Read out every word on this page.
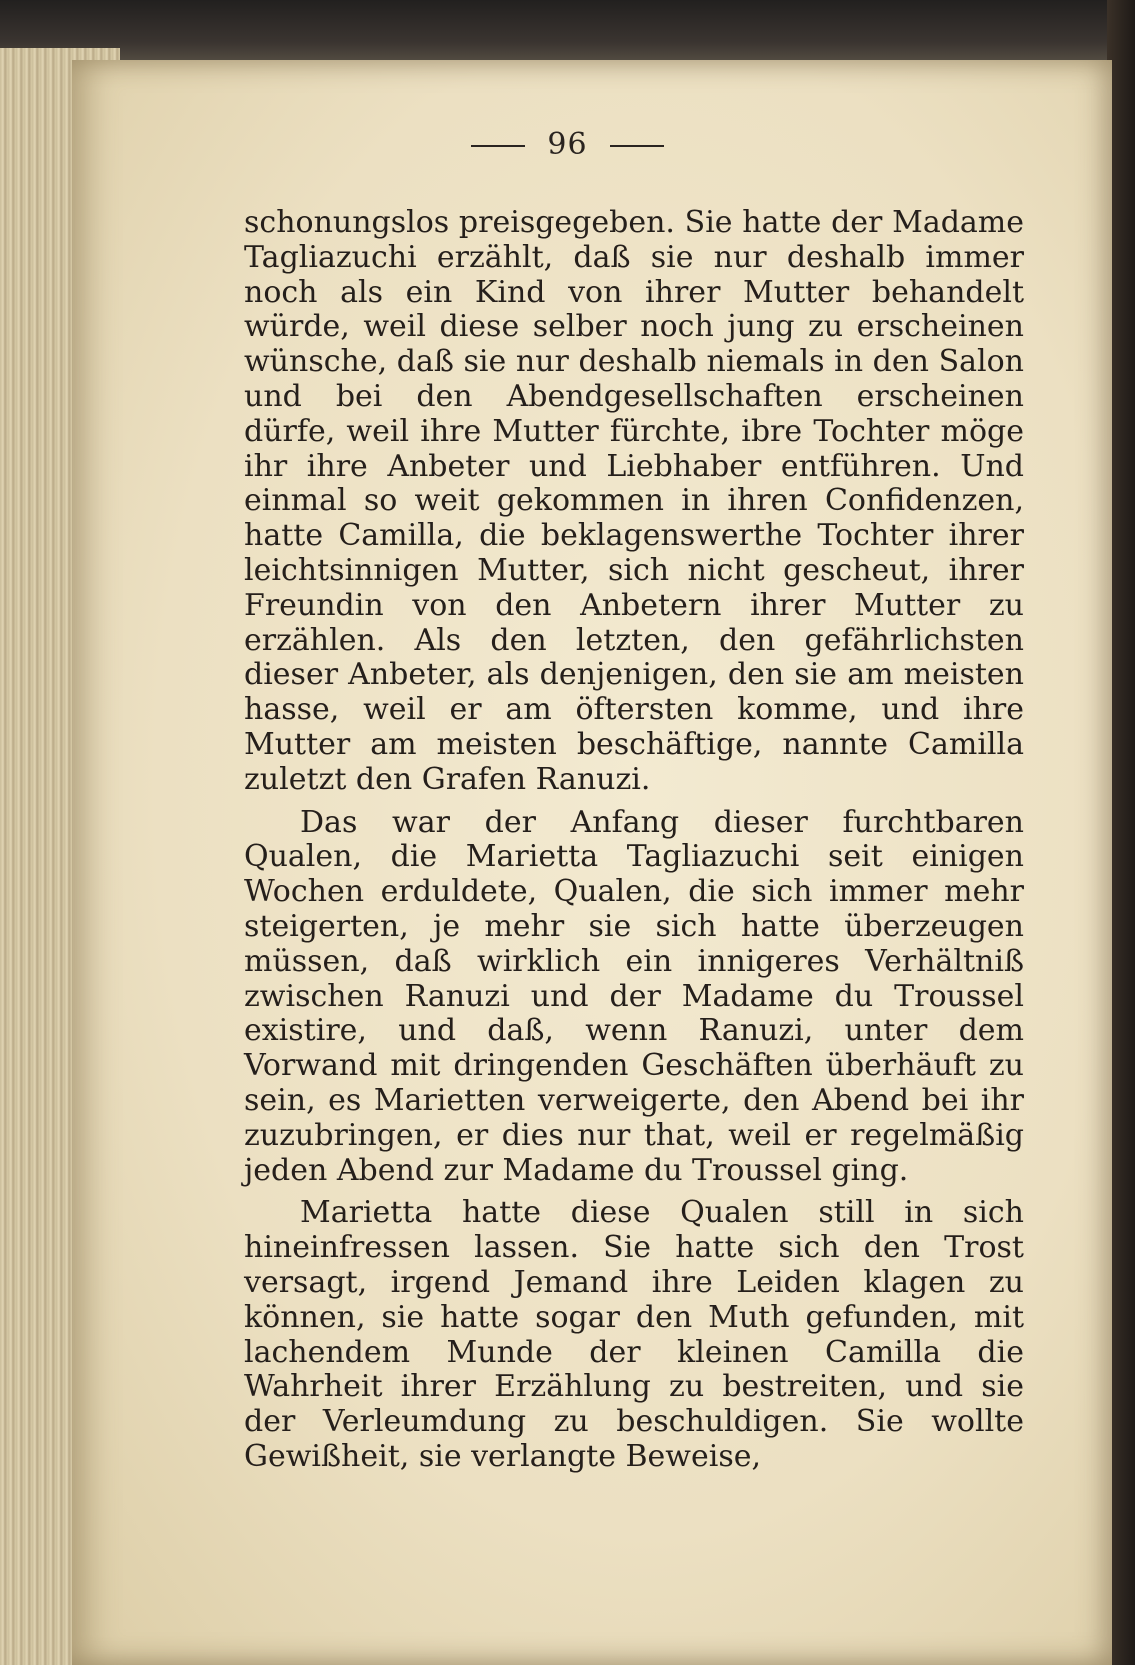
96

schonungslos preisgegeben. Sie hatte der Madame Tagliazuchi erzählt, daß sie nur deshalb immer noch als ein Kind von ihrer Mutter behandelt würde, weil diese selber noch jung zu erscheinen wünsche, daß sie nur deshalb niemals in den Salon und bei den Abendgesellschaften erscheinen dürfe, weil ihre Mutter fürchte, ibre Tochter möge ihr ihre Anbeter und Liebhaber entführen. Und einmal so weit gekommen in ihren Confidenzen, hatte Camilla, die beklagenswerthe Tochter ihrer leichtsinnigen Mutter, sich nicht gescheut, ihrer Freundin von den Anbetern ihrer Mutter zu erzählen. Als den letzten, den gefährlichsten dieser Anbeter, als denjenigen, den sie am meisten hasse, weil er am öftersten komme, und ihre Mutter am meisten beschäftige, nannte Camilla zuletzt den Grafen Ranuzi.

Das war der Anfang dieser furchtbaren Qualen, die Marietta Tagliazuchi seit einigen Wochen erduldete, Qualen, die sich immer mehr steigerten, je mehr sie sich hatte überzeugen müssen, daß wirklich ein innigeres Verhältniß zwischen Ranuzi und der Madame du Troussel existire, und daß, wenn Ranuzi, unter dem Vorwand mit dringenden Geschäften überhäuft zu sein, es Marietten verweigerte, den Abend bei ihr zuzubringen, er dies nur that, weil er regelmäßig jeden Abend zur Madame du Troussel ging.

Marietta hatte diese Qualen still in sich hineinfressen lassen. Sie hatte sich den Trost versagt, irgend Jemand ihre Leiden klagen zu können, sie hatte sogar den Muth gefunden, mit lachendem Munde der kleinen Camilla die Wahrheit ihrer Erzählung zu bestreiten, und sie der Verleumdung zu beschuldigen. Sie wollte Gewißheit, sie verlangte Beweise,
